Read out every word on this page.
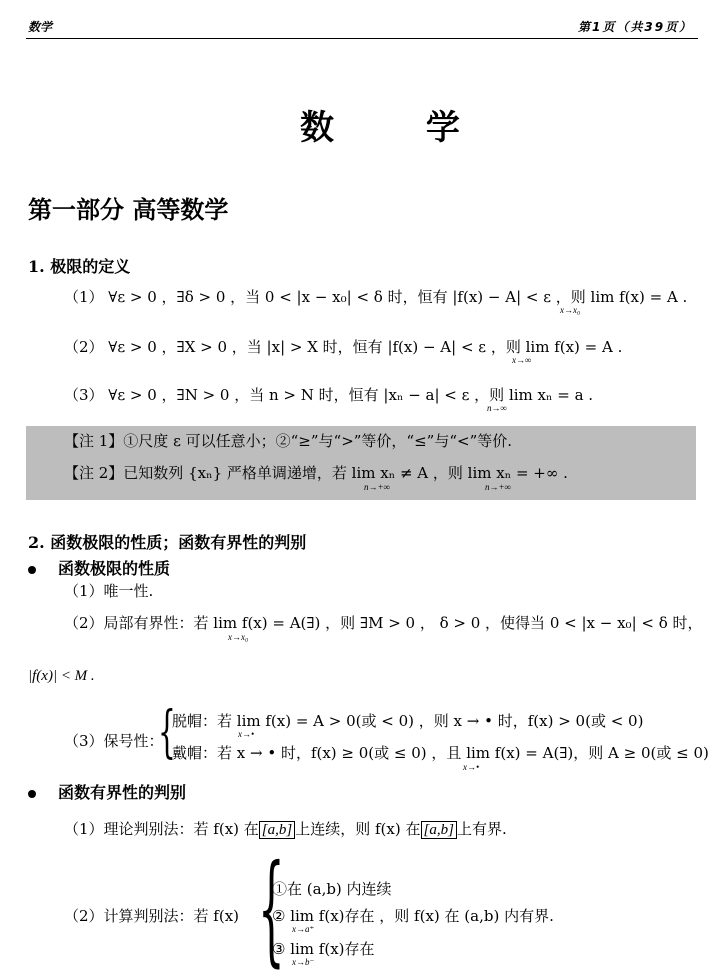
数学	第1页（共39页）
数 学
第一部分 高等数学
1. 极限的定义
（1） ∀ε > 0 ，∃δ > 0 ，当 0 < |x − x₀| < δ 时，恒有 |f(x) − A| < ε ，则 lim f(x) = A .
x→x₀
（2） ∀ε > 0 ，∃X > 0 ，当 |x| > X 时，恒有 |f(x) − A| < ε ，则 lim f(x) = A .
x→∞
（3） ∀ε > 0 ，∃N > 0 ，当 n > N 时，恒有 |xₙ − a| < ε ，则 lim xₙ = a .
n→∞
【注 1】①尺度 ε 可以任意小；②“≥”与“>”等价，“≤”与“<”等价.
【注 2】已知数列 {xₙ} 严格单调递增，若 lim xₙ ≠ A ，则 lim xₙ = +∞ .
n→+∞	n→+∞
2. 函数极限的性质；函数有界性的判别
函数极限的性质
（1）唯一性.
（2）局部有界性：若 lim f(x) = A(∃) ，则 ∃M > 0 ， δ > 0 ，使得当 0 < |x − x₀| < δ 时，
x→x₀
|f(x)| < M .
（3）保号性：
{
脱帽：若 lim f(x) = A > 0(或 < 0) ，则 x → • 时，f(x) > 0(或 < 0)
x→•
戴帽：若 x → • 时，f(x) ≥ 0(或 ≤ 0) ，且 lim f(x) = A(∃)，则 A ≥ 0(或 ≤ 0)
x→•
函数有界性的判别
（1）理论判别法：若 f(x) 在 [a,b] 上连续，则 f(x) 在 [a,b] 上有界.
（2）计算判别法：若 f(x) {
①在 (a,b) 内连续
② lim f(x)存在 ，则 f(x) 在 (a,b) 内有界.
x→a⁺
③ lim f(x)存在
x→b⁻
